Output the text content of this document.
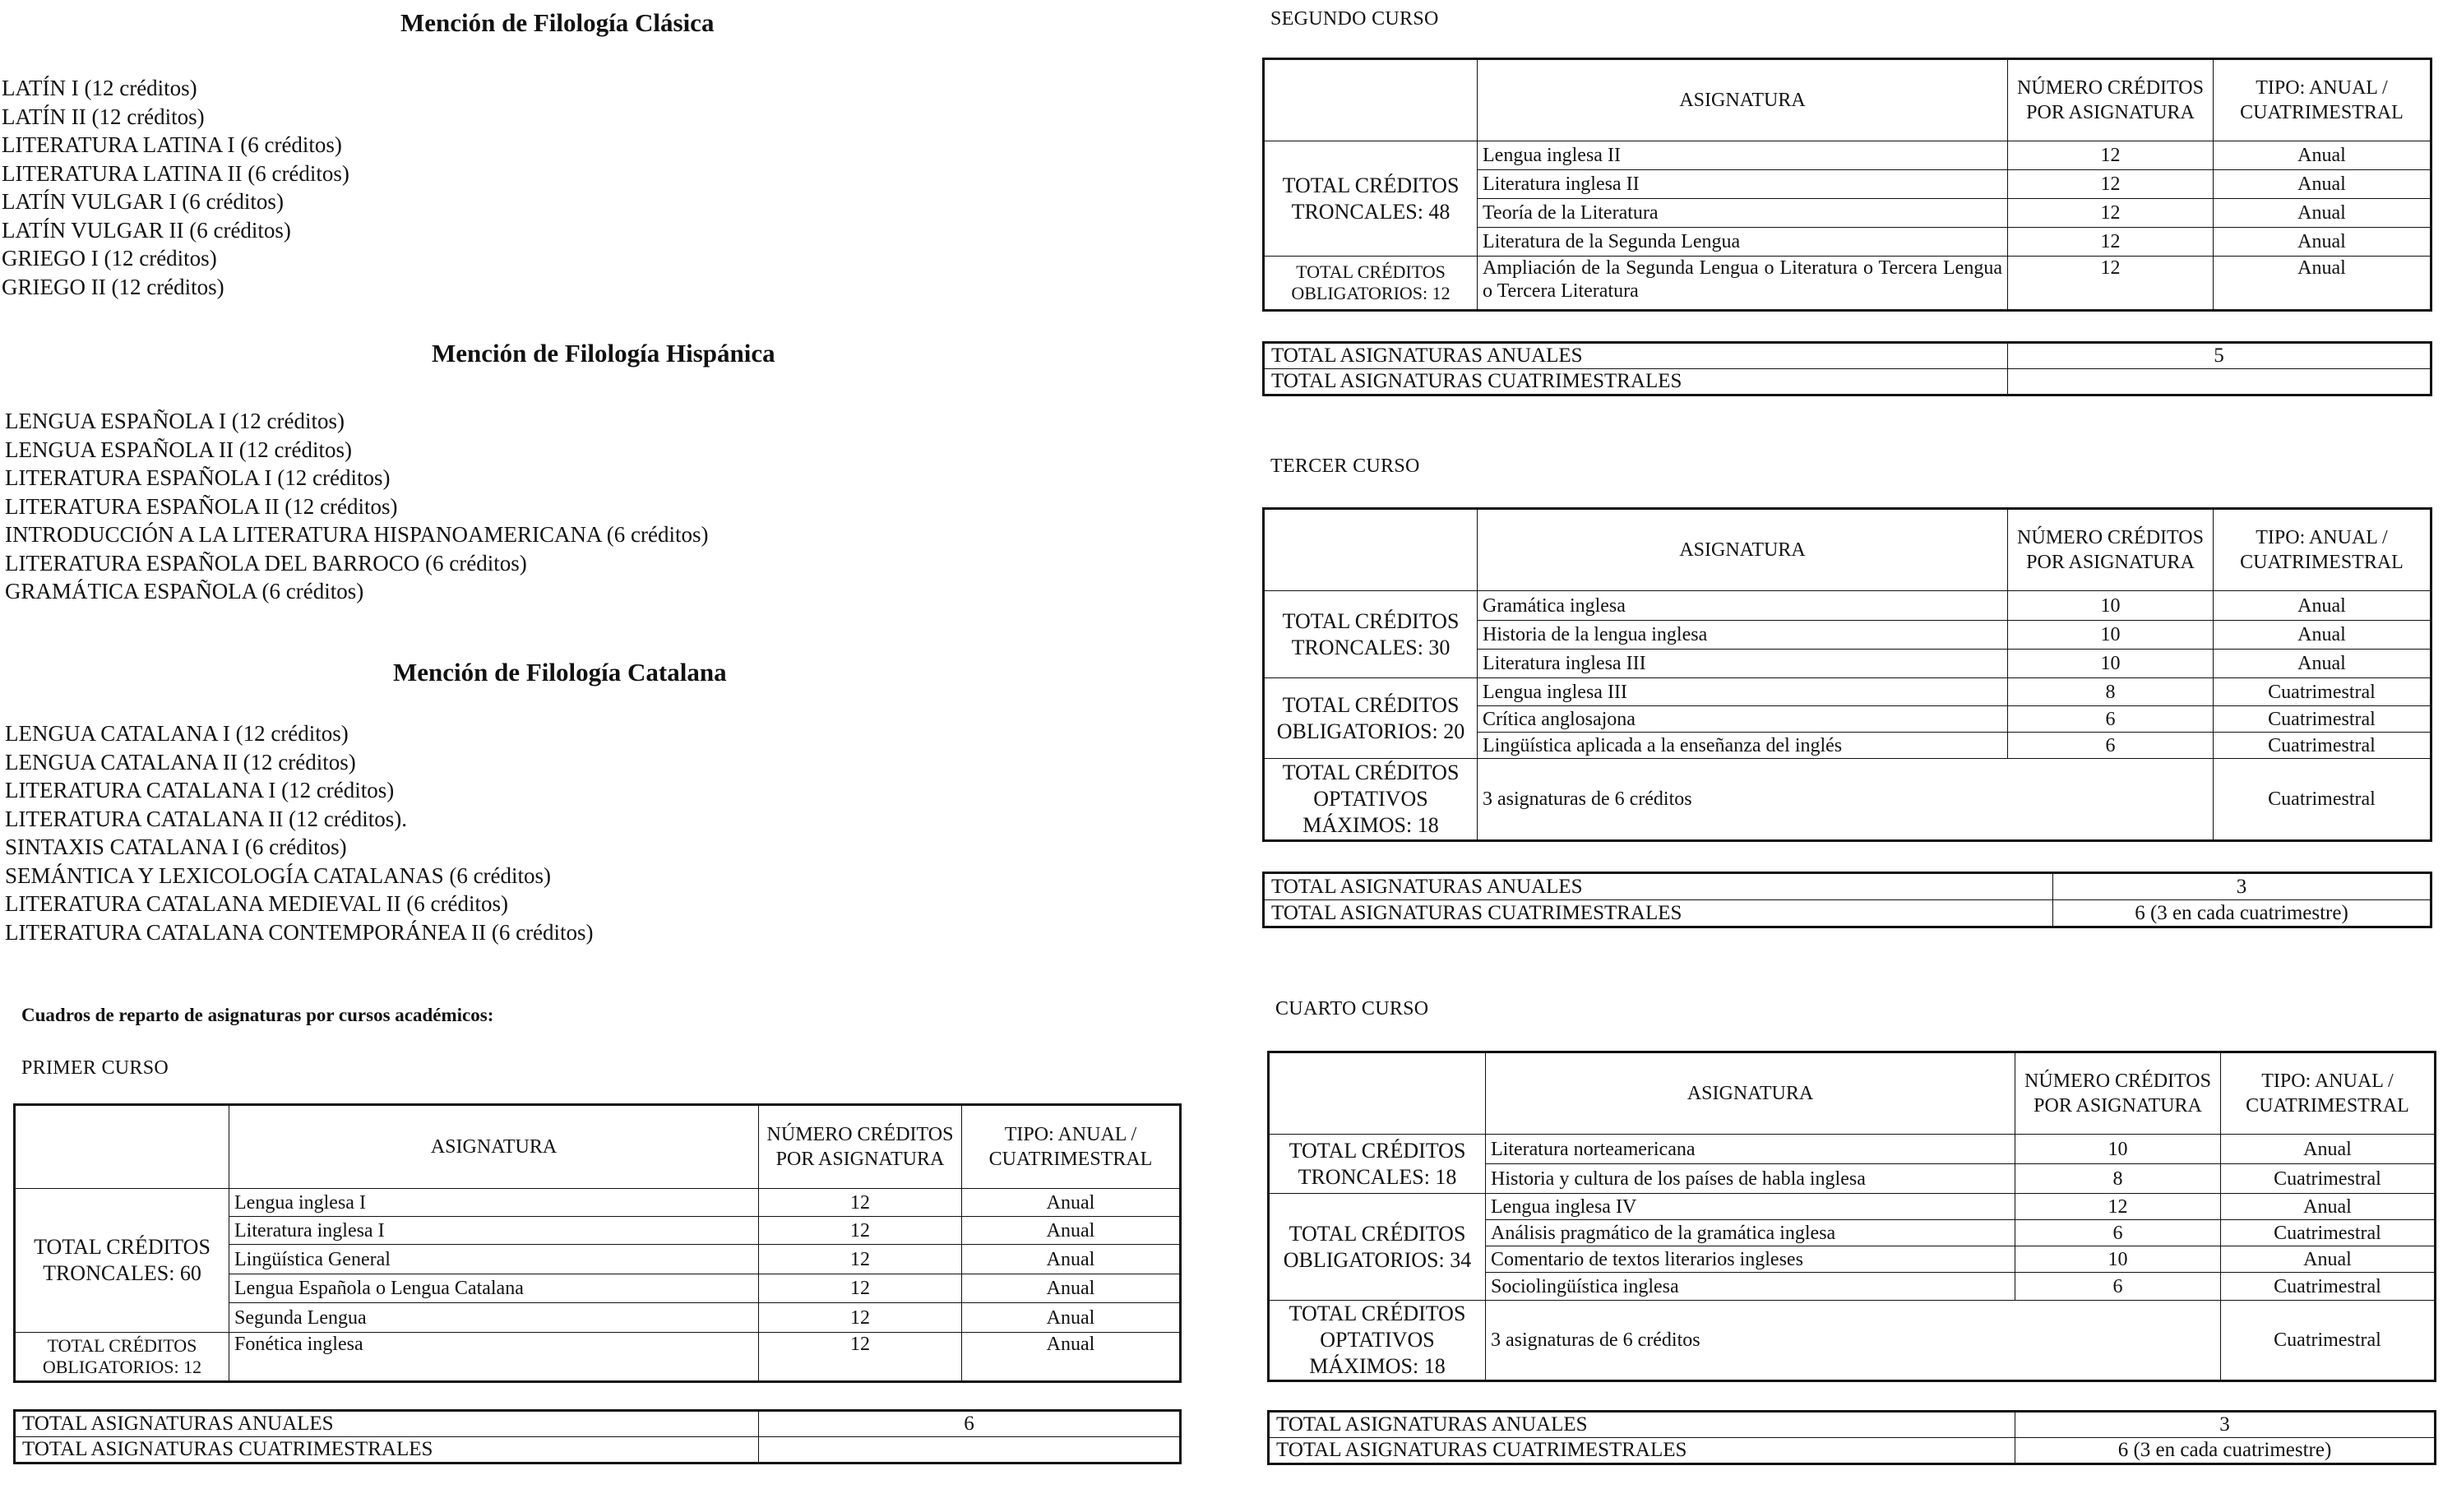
Mención de Filología Clásica
LATÍN I (12 créditos)
LATÍN II (12 créditos)
LITERATURA LATINA I (6 créditos)
LITERATURA LATINA II (6 créditos)
LATÍN VULGAR I (6 créditos)
LATÍN VULGAR II (6 créditos)
GRIEGO I (12 créditos)
GRIEGO II (12 créditos)
Mención de Filología Hispánica
LENGUA ESPAÑOLA I (12 créditos)
LENGUA ESPAÑOLA II (12 créditos)
LITERATURA ESPAÑOLA I (12 créditos)
LITERATURA ESPAÑOLA II (12 créditos)
INTRODUCCIÓN A LA LITERATURA HISPANOAMERICANA (6 créditos)
LITERATURA ESPAÑOLA DEL BARROCO (6 créditos)
GRAMÁTICA ESPAÑOLA (6 créditos)
Mención de Filología Catalana
LENGUA CATALANA I (12 créditos)
LENGUA CATALANA II (12 créditos)
LITERATURA CATALANA I (12 créditos)
LITERATURA CATALANA II (12 créditos).
SINTAXIS CATALANA I (6 créditos)
SEMÁNTICA Y LEXICOLOGÍA CATALANAS (6 créditos)
LITERATURA CATALANA MEDIEVAL II (6 créditos)
LITERATURA CATALANA CONTEMPORÁNEA II (6 créditos)
Cuadros de reparto de asignaturas por cursos académicos:
PRIMER CURSO
	ASIGNATURA	NÚMERO CRÉDITOS POR ASIGNATURA	TIPO: ANUAL / CUATRIMESTRAL
TOTAL CRÉDITOS TRONCALES: 60	Lengua inglesa I	12	Anual
	Literatura inglesa I	12	Anual
	Lingüística General	12	Anual
	Lengua Española o Lengua Catalana	12	Anual
	Segunda Lengua	12	Anual
TOTAL CRÉDITOS OBLIGATORIOS: 12	Fonética inglesa	12	Anual
TOTAL ASIGNATURAS ANUALES	6
TOTAL ASIGNATURAS CUATRIMESTRALES	
SEGUNDO CURSO
	ASIGNATURA	NÚMERO CRÉDITOS POR ASIGNATURA	TIPO: ANUAL / CUATRIMESTRAL
TOTAL CRÉDITOS TRONCALES: 48	Lengua inglesa II	12	Anual
	Literatura inglesa II	12	Anual
	Teoría de la Literatura	12	Anual
	Literatura de la Segunda Lengua	12	Anual
TOTAL CRÉDITOS OBLIGATORIOS: 12	Ampliación de la Segunda Lengua o Literatura o Tercera Lengua o Tercera Literatura	12	Anual
TOTAL ASIGNATURAS ANUALES	5
TOTAL ASIGNATURAS CUATRIMESTRALES	
TERCER CURSO
	ASIGNATURA	NÚMERO CRÉDITOS POR ASIGNATURA	TIPO: ANUAL / CUATRIMESTRAL
TOTAL CRÉDITOS TRONCALES: 30	Gramática inglesa	10	Anual
	Historia de la lengua inglesa	10	Anual
	Literatura inglesa III	10	Anual
TOTAL CRÉDITOS OBLIGATORIOS: 20	Lengua inglesa III	8	Cuatrimestral
	Crítica anglosajona	6	Cuatrimestral
	Lingüística aplicada a la enseñanza del inglés	6	Cuatrimestral
TOTAL CRÉDITOS OPTATIVOS MÁXIMOS: 18	3 asignaturas de 6 créditos		Cuatrimestral
TOTAL ASIGNATURAS ANUALES	3
TOTAL ASIGNATURAS CUATRIMESTRALES	6 (3 en cada cuatrimestre)
CUARTO CURSO
	ASIGNATURA	NÚMERO CRÉDITOS POR ASIGNATURA	TIPO: ANUAL / CUATRIMESTRAL
TOTAL CRÉDITOS TRONCALES: 18	Literatura norteamericana	10	Anual
	Historia y cultura de los países de habla inglesa	8	Cuatrimestral
TOTAL CRÉDITOS OBLIGATORIOS: 34	Lengua inglesa IV	12	Anual
	Análisis pragmático de la gramática inglesa	6	Cuatrimestral
	Comentario de textos literarios ingleses	10	Anual
	Sociolingüística inglesa	6	Cuatrimestral
TOTAL CRÉDITOS OPTATIVOS MÁXIMOS: 18	3 asignaturas de 6 créditos		Cuatrimestral
TOTAL ASIGNATURAS ANUALES	3
TOTAL ASIGNATURAS CUATRIMESTRALES	6 (3 en cada cuatrimestre)
